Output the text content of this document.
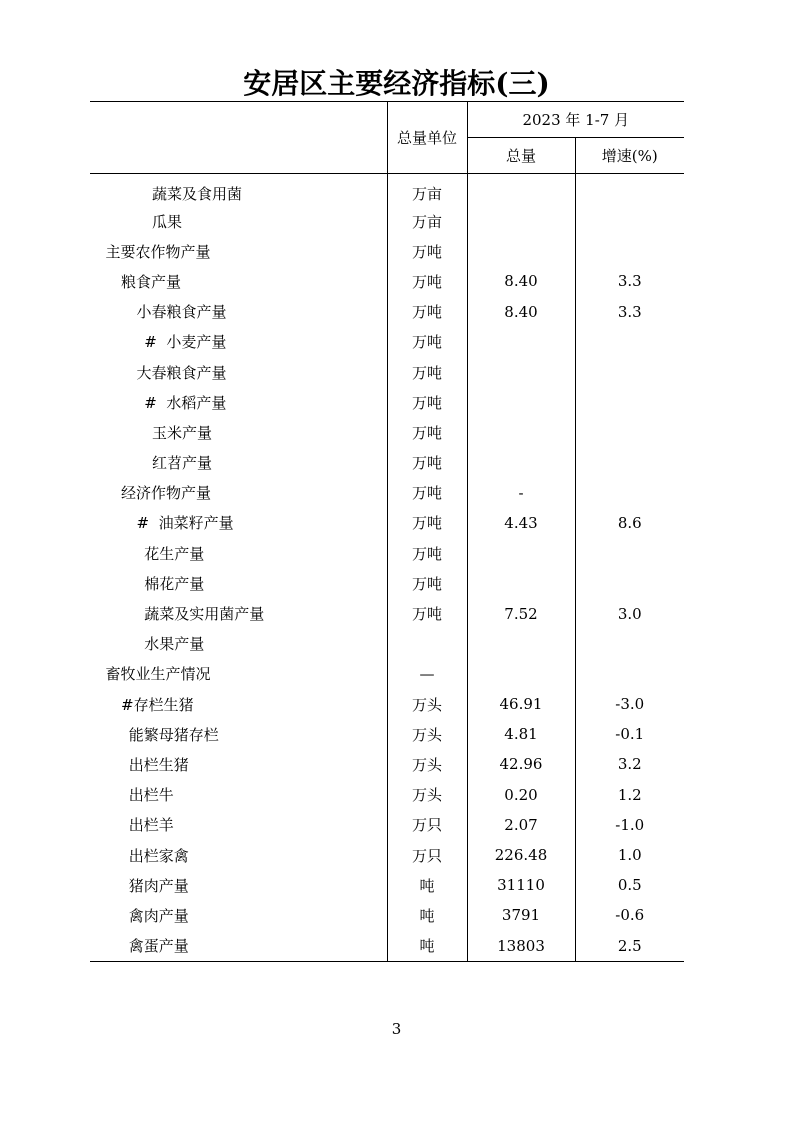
安居区主要经济指标(三)
	总量单位	2023 年 1-7 月	
		总量	增速(%)
蔬菜及食用菌	万亩		
瓜果	万亩		
主要农作物产量	万吨		
粮食产量	万吨	8.40	3.3
小春粮食产量	万吨	8.40	3.3
#  小麦产量	万吨		
大春粮食产量	万吨		
#  水稻产量	万吨		
玉米产量	万吨		
红苕产量	万吨		
经济作物产量	万吨	-	
#  油菜籽产量	万吨	4.43	8.6
花生产量	万吨		
棉花产量	万吨		
蔬菜及实用菌产量	万吨	7.52	3.0
水果产量			
畜牧业生产情况	—		
#存栏生猪	万头	46.91	-3.0
能繁母猪存栏	万头	4.81	-0.1
出栏生猪	万头	42.96	3.2
出栏牛	万头	0.20	1.2
出栏羊	万只	2.07	-1.0
出栏家禽	万只	226.48	1.0
猪肉产量	吨	31110	0.5
禽肉产量	吨	3791	-0.6
禽蛋产量	吨	13803	2.5
3
